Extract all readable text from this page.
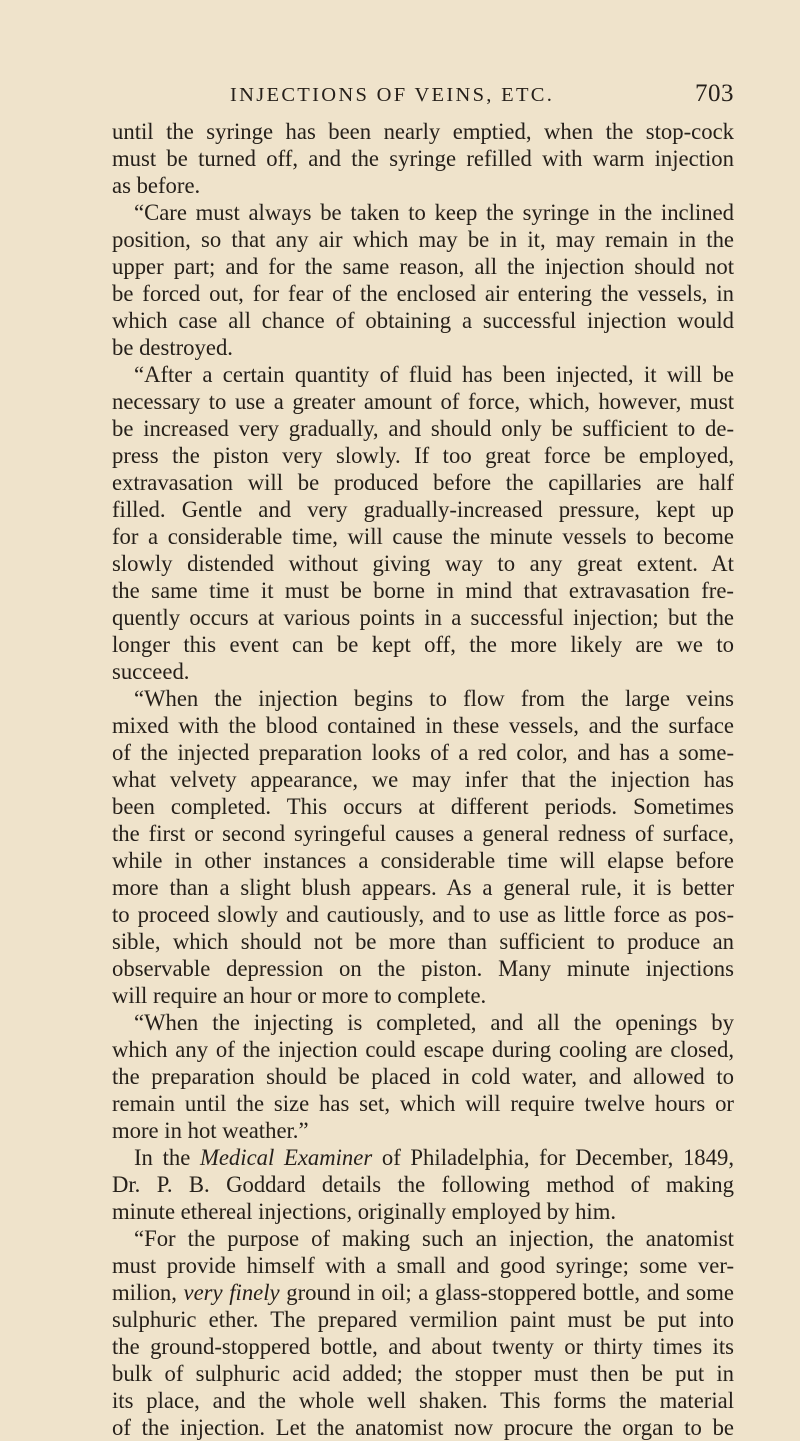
INJECTIONS OF VEINS, ETC.	703
until the syringe has been nearly emptied, when the stop-cock
must be turned off, and the syringe refilled with warm injection
as before.
“Care must always be taken to keep the syringe in the inclined
position, so that any air which may be in it, may remain in the
upper part; and for the same reason, all the injection should not
be forced out, for fear of the enclosed air entering the vessels, in
which case all chance of obtaining a successful injection would
be destroyed.
“After a certain quantity of fluid has been injected, it will be
necessary to use a greater amount of force, which, however, must
be increased very gradually, and should only be sufficient to de-
press the piston very slowly. If too great force be employed,
extravasation will be produced before the capillaries are half
filled. Gentle and very gradually-increased pressure, kept up
for a considerable time, will cause the minute vessels to become
slowly distended without giving way to any great extent. At
the same time it must be borne in mind that extravasation fre-
quently occurs at various points in a successful injection; but the
longer this event can be kept off, the more likely are we to
succeed.
“When the injection begins to flow from the large veins
mixed with the blood contained in these vessels, and the surface
of the injected preparation looks of a red color, and has a some-
what velvety appearance, we may infer that the injection has
been completed. This occurs at different periods. Sometimes
the first or second syringeful causes a general redness of surface,
while in other instances a considerable time will elapse before
more than a slight blush appears. As a general rule, it is better
to proceed slowly and cautiously, and to use as little force as pos-
sible, which should not be more than sufficient to produce an
observable depression on the piston. Many minute injections
will require an hour or more to complete.
“When the injecting is completed, and all the openings by
which any of the injection could escape during cooling are closed,
the preparation should be placed in cold water, and allowed to
remain until the size has set, which will require twelve hours or
more in hot weather.”
In the Medical Examiner of Philadelphia, for December, 1849,
Dr. P. B. Goddard details the following method of making
minute ethereal injections, originally employed by him.
“For the purpose of making such an injection, the anatomist
must provide himself with a small and good syringe; some ver-
milion, very finely ground in oil; a glass-stoppered bottle, and some
sulphuric ether. The prepared vermilion paint must be put into
the ground-stoppered bottle, and about twenty or thirty times its
bulk of sulphuric acid added; the stopper must then be put in
its place, and the whole well shaken. This forms the material
of the injection. Let the anatomist now procure the organ to be
